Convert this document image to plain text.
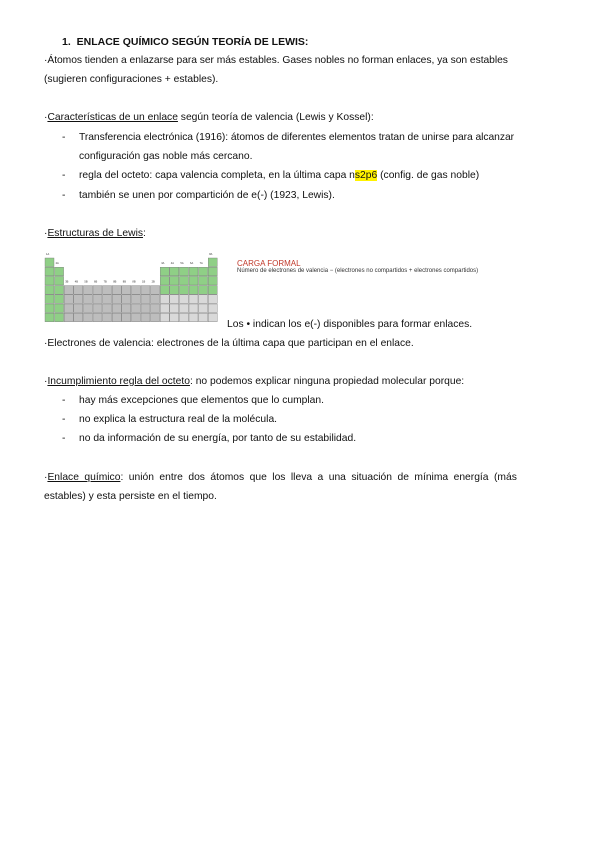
1. ENLACE QUÍMICO SEGÚN TEORÍA DE LEWIS:
·Átomos tienden a enlazarse para ser más estables. Gases nobles no forman enlaces, ya son estables
(sugieren configuraciones + estables).
·Características de un enlace según teoría de valencia (Lewis y Kossel):
- Transferencia electrónica (1916): átomos de diferentes elementos tratan de unirse para alcanzar
configuración gas noble más cercano.
- regla del octeto: capa valencia completa, en la última capa ns2p6 (config. de gas noble)
- también se unen por compartición de e(-) (1923, Lewis).
·Estructuras de Lewis:
1A
2A
3B 4B 5B 6B 7B 8B 8B 8B 1B 2B
3A 4A 5A 6A 7A
8A
CARGA FORMAL
Número de electrones de valencia − (electrones no compartidos + electrones compartidos)
Los • indican los e(-) disponibles para formar enlaces.
·Electrones de valencia: electrones de la última capa que participan en el enlace.
·Incumplimiento regla del octeto: no podemos explicar ninguna propiedad molecular porque:
- hay más excepciones que elementos que lo cumplan.
- no explica la estructura real de la molécula.
- no da información de su energía, por tanto de su estabilidad.
·Enlace químico: unión entre dos átomos que los lleva a una situación de mínima energía (más
estables) y esta persiste en el tiempo.
